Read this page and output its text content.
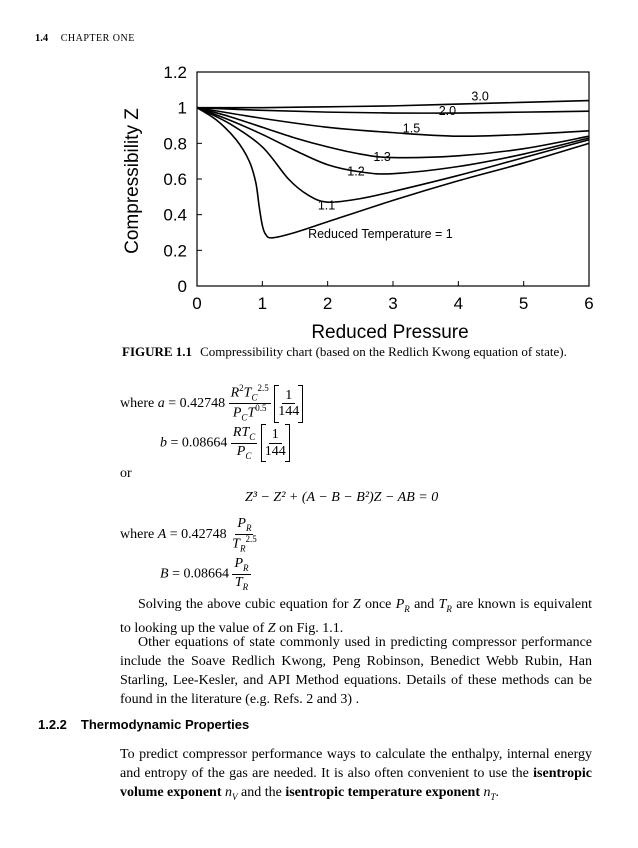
1.4 CHAPTER ONE
0	1	2	3	4	5	6
0
0.2
0.4
0.6
0.8
1
1.2
Reduced Temperature = 1
1.1
1.2
1.3
1.5
2.0
3.0
Reduced Pressure
Compressibility Z
FIGURE 1.1 Compressibility chart (based on the Redlich Kwong equation of state).
where $a = 0.42748 \frac{R^2T_C^{2.5}}{P_CT^{0.5}}$
$\frac{1}{144}$
$b = 0.08664 \frac{RT_C}{P_C}$
$\frac{1}{144}$
or
Z³ − Z² + (A − B − B²)Z − AB = 0
where $A = 0.42748 \frac{P_R}{T_R^{2.5}}$
$B = 0.08664 \frac{P_R}{T_R}$
Solving the above cubic equation for Z once $P_R$ and $T_R$ are known is equivalent to looking up the value of Z on Fig. 1.1.
Other equations of state commonly used in predicting compressor performance include the Soave Redlich Kwong, Peng Robinson, Benedict Webb Rubin, Han Starling, Lee-Kesler, and API Method equations. Details of these methods can be found in the literature (e.g. Refs. 2 and 3) .
1.2.2 Thermodynamic Properties
To predict compressor performance ways to calculate the enthalpy, internal energy and entropy of the gas are needed. It is also often convenient to use the isentropic volume exponent $n_V$ and the isentropic temperature exponent $n_T$.
